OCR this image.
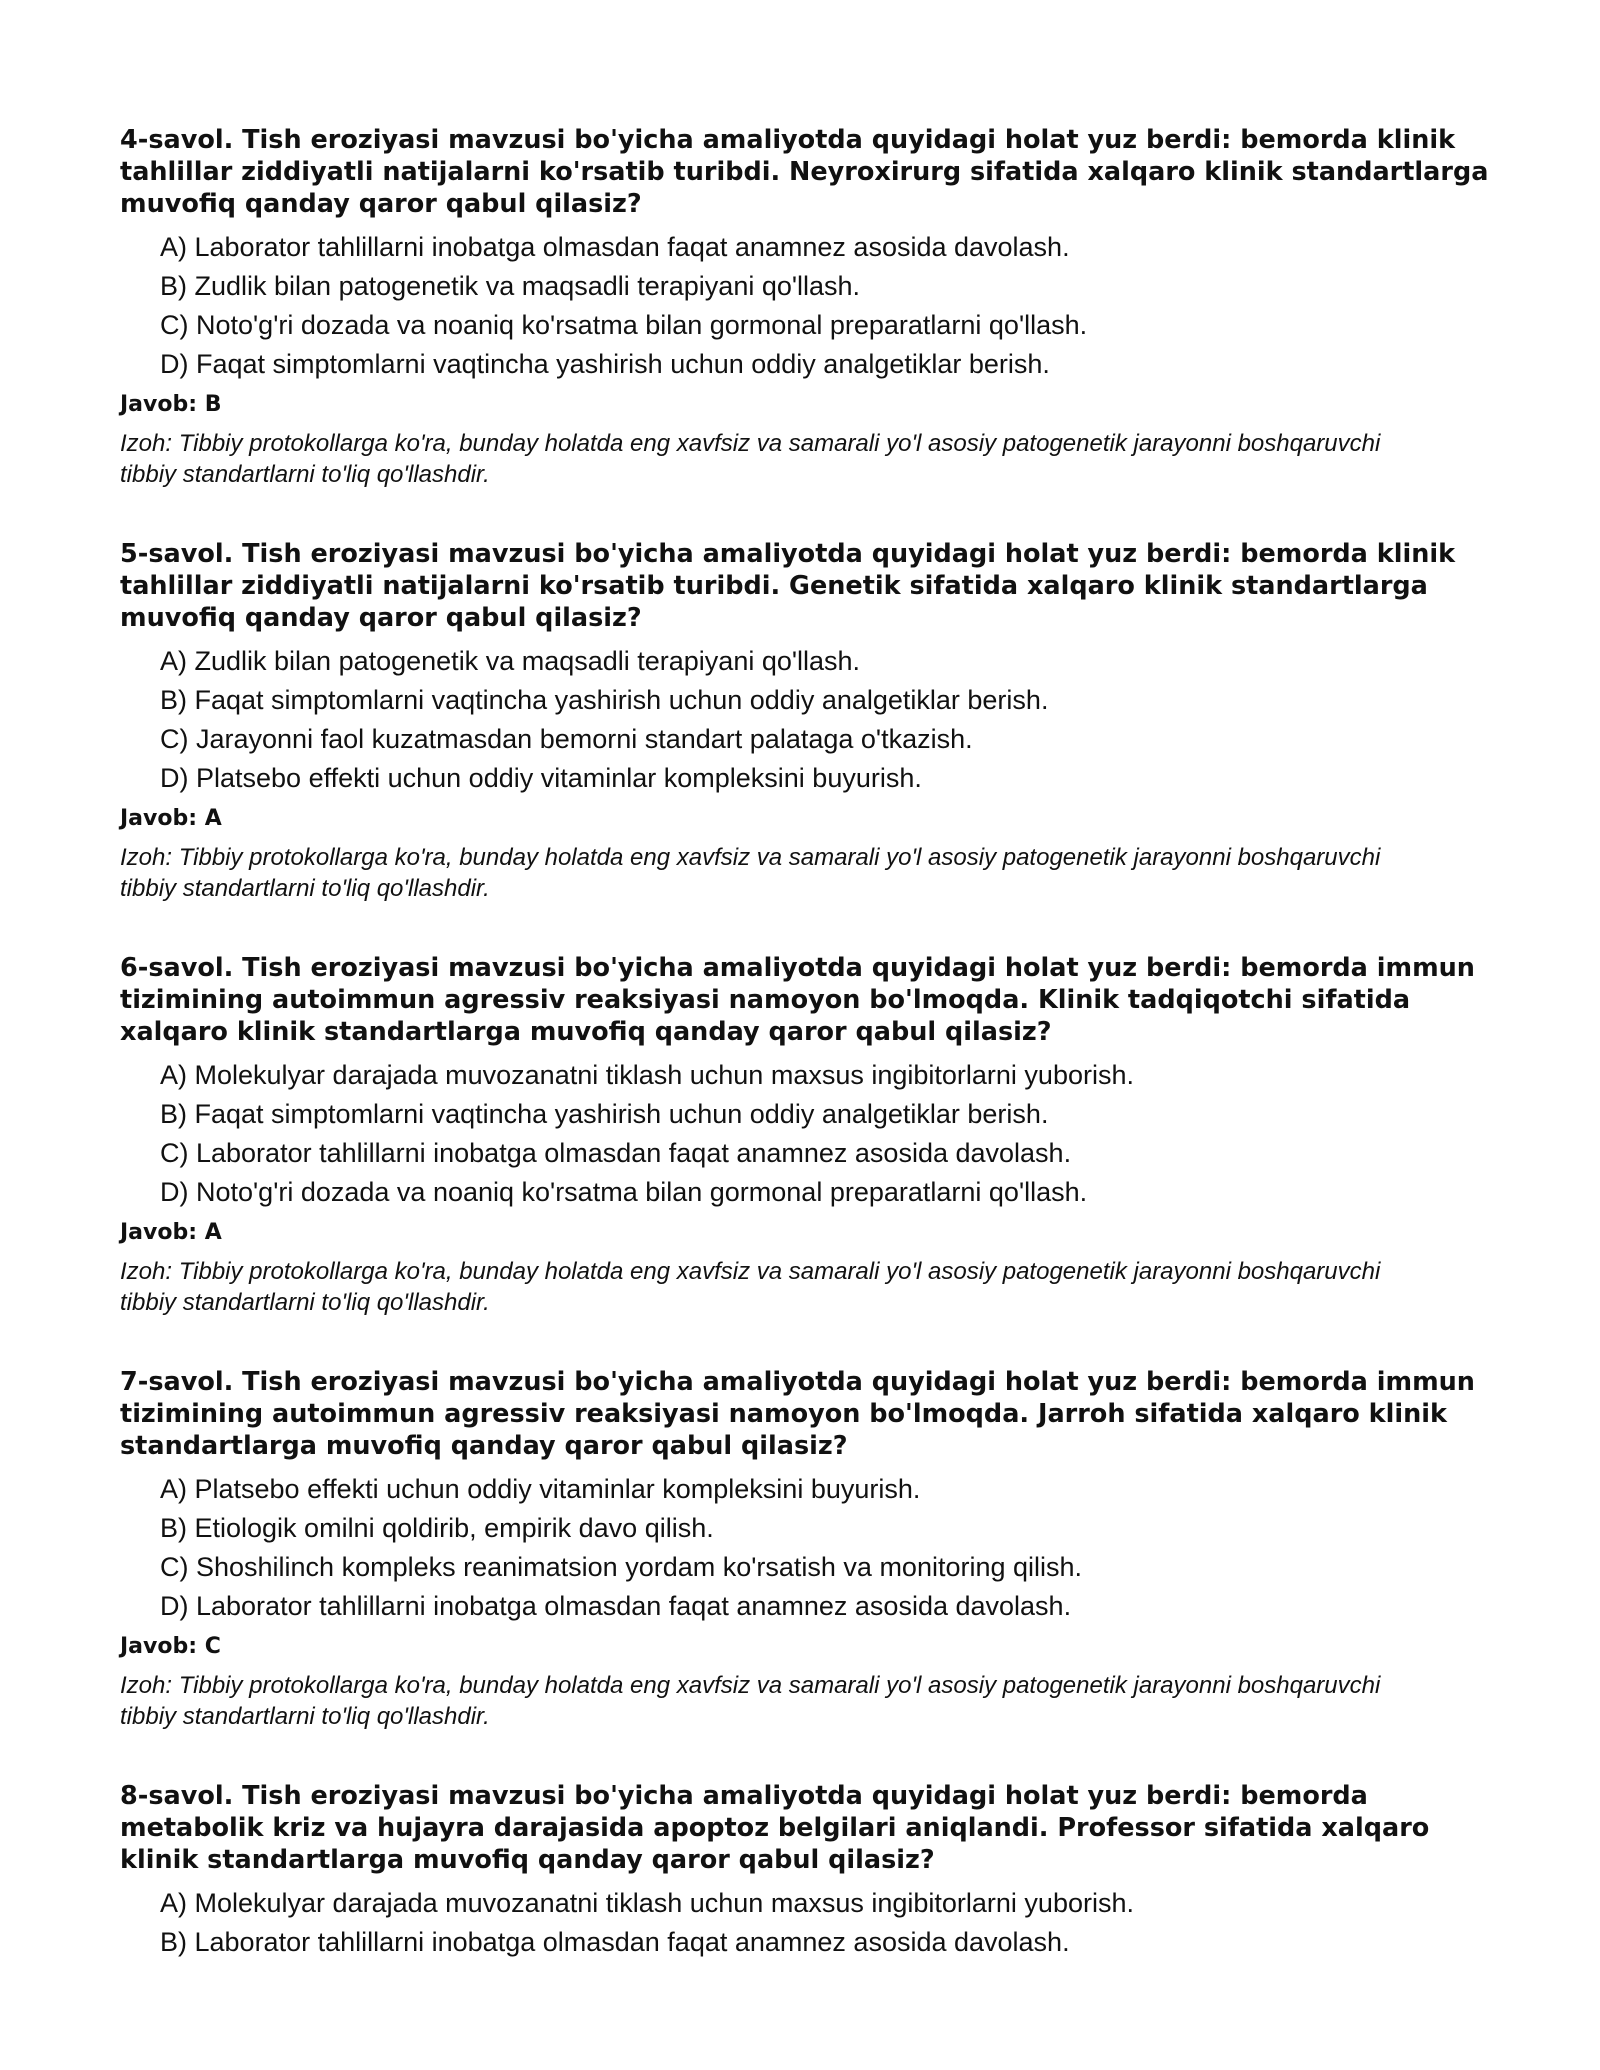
4-savol. Tish eroziyasi mavzusi bo'yicha amaliyotda quyidagi holat yuz berdi: bemorda klinik tahlillar ziddiyatli natijalarni ko'rsatib turibdi. Neyroxirurg sifatida xalqaro klinik standartlarga muvofiq qanday qaror qabul qilasiz?
A) Laborator tahlillarni inobatga olmasdan faqat anamnez asosida davolash.
B) Zudlik bilan patogenetik va maqsadli terapiyani qo'llash.
C) Noto'g'ri dozada va noaniq ko'rsatma bilan gormonal preparatlarni qo'llash.
D) Faqat simptomlarni vaqtincha yashirish uchun oddiy analgetiklar berish.
Javob: B
Izoh: Tibbiy protokollarga ko'ra, bunday holatda eng xavfsiz va samarali yo'l asosiy patogenetik jarayonni boshqaruvchi tibbiy standartlarni to'liq qo'llashdir.
5-savol. Tish eroziyasi mavzusi bo'yicha amaliyotda quyidagi holat yuz berdi: bemorda klinik tahlillar ziddiyatli natijalarni ko'rsatib turibdi. Genetik sifatida xalqaro klinik standartlarga muvofiq qanday qaror qabul qilasiz?
A) Zudlik bilan patogenetik va maqsadli terapiyani qo'llash.
B) Faqat simptomlarni vaqtincha yashirish uchun oddiy analgetiklar berish.
C) Jarayonni faol kuzatmasdan bemorni standart palataga o'tkazish.
D) Platsebo effekti uchun oddiy vitaminlar kompleksini buyurish.
Javob: A
Izoh: Tibbiy protokollarga ko'ra, bunday holatda eng xavfsiz va samarali yo'l asosiy patogenetik jarayonni boshqaruvchi tibbiy standartlarni to'liq qo'llashdir.
6-savol. Tish eroziyasi mavzusi bo'yicha amaliyotda quyidagi holat yuz berdi: bemorda immun tizimining autoimmun agressiv reaksiyasi namoyon bo'lmoqda. Klinik tadqiqotchi sifatida xalqaro klinik standartlarga muvofiq qanday qaror qabul qilasiz?
A) Molekulyar darajada muvozanatni tiklash uchun maxsus ingibitorlarni yuborish.
B) Faqat simptomlarni vaqtincha yashirish uchun oddiy analgetiklar berish.
C) Laborator tahlillarni inobatga olmasdan faqat anamnez asosida davolash.
D) Noto'g'ri dozada va noaniq ko'rsatma bilan gormonal preparatlarni qo'llash.
Javob: A
Izoh: Tibbiy protokollarga ko'ra, bunday holatda eng xavfsiz va samarali yo'l asosiy patogenetik jarayonni boshqaruvchi tibbiy standartlarni to'liq qo'llashdir.
7-savol. Tish eroziyasi mavzusi bo'yicha amaliyotda quyidagi holat yuz berdi: bemorda immun tizimining autoimmun agressiv reaksiyasi namoyon bo'lmoqda. Jarroh sifatida xalqaro klinik standartlarga muvofiq qanday qaror qabul qilasiz?
A) Platsebo effekti uchun oddiy vitaminlar kompleksini buyurish.
B) Etiologik omilni qoldirib, empirik davo qilish.
C) Shoshilinch kompleks reanimatsion yordam ko'rsatish va monitoring qilish.
D) Laborator tahlillarni inobatga olmasdan faqat anamnez asosida davolash.
Javob: C
Izoh: Tibbiy protokollarga ko'ra, bunday holatda eng xavfsiz va samarali yo'l asosiy patogenetik jarayonni boshqaruvchi tibbiy standartlarni to'liq qo'llashdir.
8-savol. Tish eroziyasi mavzusi bo'yicha amaliyotda quyidagi holat yuz berdi: bemorda metabolik kriz va hujayra darajasida apoptoz belgilari aniqlandi. Professor sifatida xalqaro klinik standartlarga muvofiq qanday qaror qabul qilasiz?
A) Molekulyar darajada muvozanatni tiklash uchun maxsus ingibitorlarni yuborish.
B) Laborator tahlillarni inobatga olmasdan faqat anamnez asosida davolash.
